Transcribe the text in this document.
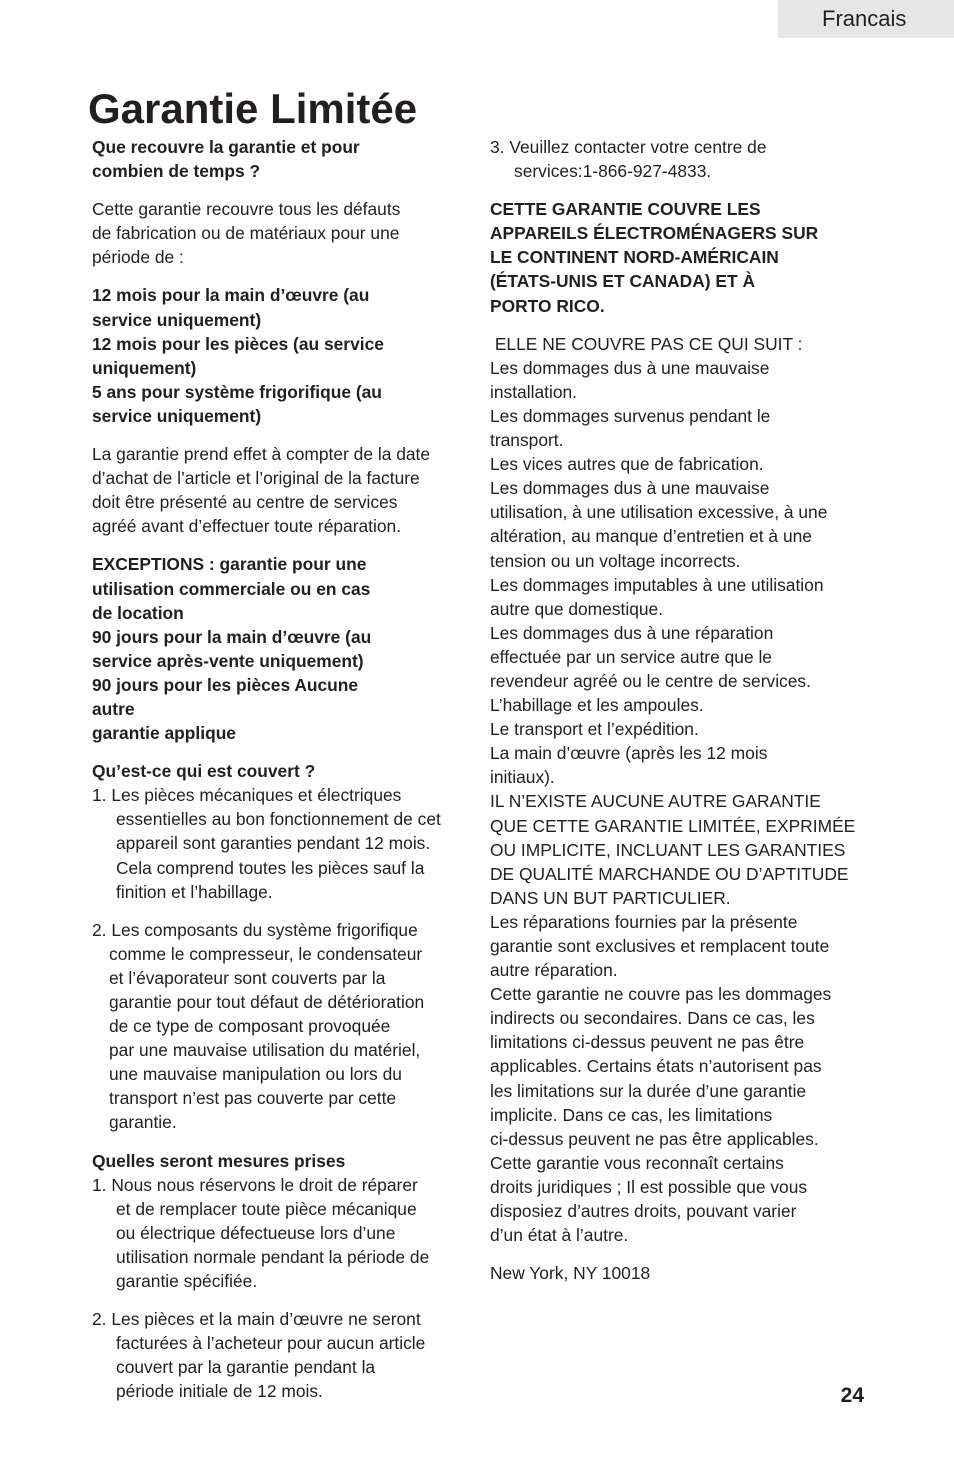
Francais
Garantie Limitée

Que recouvre la garantie et pour
combien de temps ?

Cette garantie recouvre tous les défauts
de fabrication ou de matériaux pour une
période de :

12 mois pour la main d’œuvre (au
service uniquement)
12 mois pour les pièces (au service
uniquement)
5 ans pour système frigorifique (au
service uniquement)

La garantie prend effet à compter de la date
d’achat de l’article et l’original de la facture
doit être présenté au centre de services
agréé avant d’effectuer toute réparation.

EXCEPTIONS : garantie pour une
utilisation commerciale ou en cas
de location
90 jours pour la main d’œuvre (au
service après-vente uniquement)
90 jours pour les pièces Aucune
autre
garantie applique

Qu’est-ce qui est couvert ?

1. Les pièces mécaniques et électriques
essentielles au bon fonctionnement de cet
appareil sont garanties pendant 12 mois.
Cela comprend toutes les pièces sauf la
finition et l’habillage.

2. Les composants du système frigorifique
comme le compresseur, le condensateur
et l’évaporateur sont couverts par la
garantie pour tout défaut de détérioration
de ce type de composant provoquée
par une mauvaise utilisation du matériel,
une mauvaise manipulation ou lors du
transport n’est pas couverte par cette
garantie.

Quelles seront mesures prises

1. Nous nous réservons le droit de réparer
et de remplacer toute pièce mécanique
ou électrique défectueuse lors d’une
utilisation normale pendant la période de
garantie spécifiée.

2. Les pièces et la main d’œuvre ne seront
facturées à l’acheteur pour aucun article
couvert par la garantie pendant la
période initiale de 12 mois.

3. Veuillez contacter votre centre de
services:1-866-927-4833.

CETTE GARANTIE COUVRE LES
APPAREILS ÉLECTROMÉNAGERS SUR
LE CONTINENT NORD-AMÉRICAIN
(ÉTATS-UNIS ET CANADA) ET À
PORTO RICO.

ELLE NE COUVRE PAS CE QUI SUIT :
Les dommages dus à une mauvaise
installation.
Les dommages survenus pendant le
transport.
Les vices autres que de fabrication.
Les dommages dus à une mauvaise
utilisation, à une utilisation excessive, à une
altération, au manque d’entretien et à une
tension ou un voltage incorrects.
Les dommages imputables à une utilisation
autre que domestique.
Les dommages dus à une réparation
effectuée par un service autre que le
revendeur agréé ou le centre de services.
L’habillage et les ampoules.
Le transport et l’expédition.
La main d’œuvre (après les 12 mois
initiaux).
IL N’EXISTE AUCUNE AUTRE GARANTIE
QUE CETTE GARANTIE LIMITÉE, EXPRIMÉE
OU IMPLICITE, INCLUANT LES GARANTIES
DE QUALITÉ MARCHANDE OU D’APTITUDE
DANS UN BUT PARTICULIER.
Les réparations fournies par la présente
garantie sont exclusives et remplacent toute
autre réparation.
Cette garantie ne couvre pas les dommages
indirects ou secondaires. Dans ce cas, les
limitations ci-dessus peuvent ne pas être
applicables. Certains états n’autorisent pas
les limitations sur la durée d’une garantie
implicite. Dans ce cas, les limitations
ci-dessus peuvent ne pas être applicables.
Cette garantie vous reconnaît certains
droits juridiques ; Il est possible que vous
disposiez d’autres droits, pouvant varier
d’un état à l’autre.

New York, NY 10018

24
